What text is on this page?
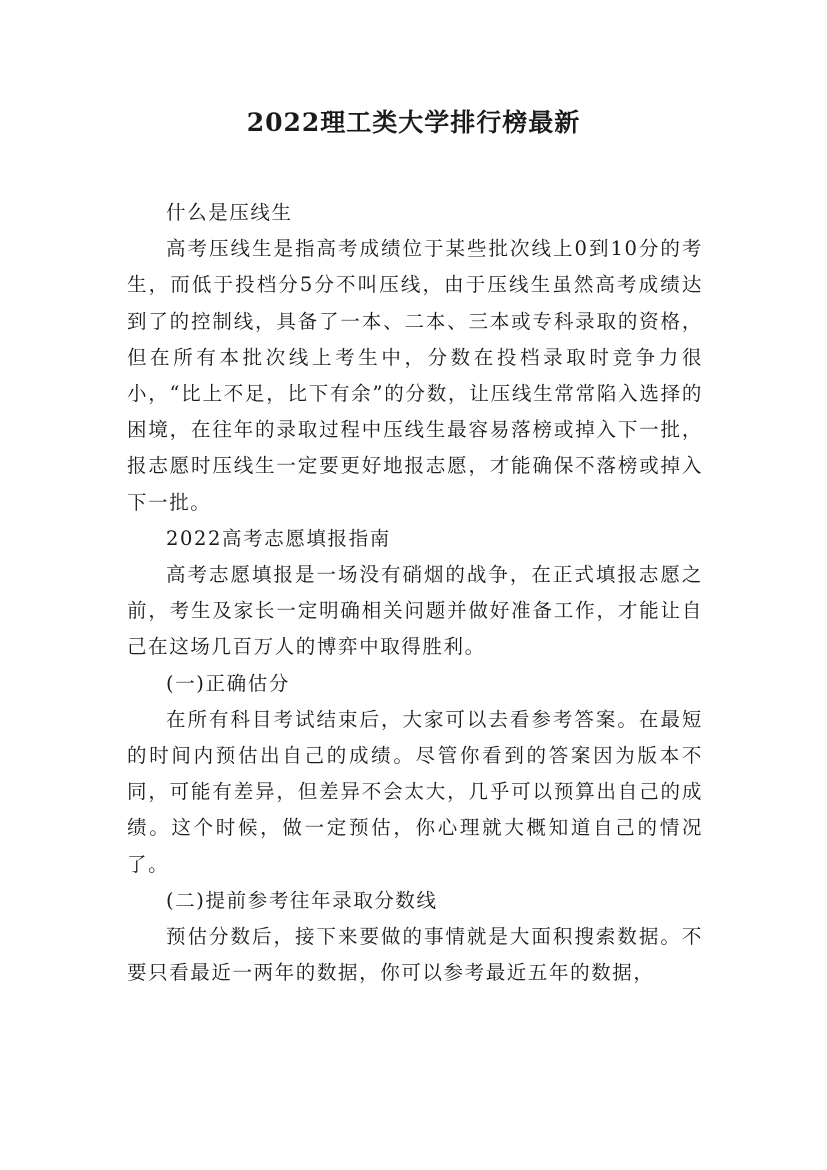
2022理工类大学排行榜最新

什么是压线生

高考压线生是指高考成绩位于某些批次线上0到10分的考生，而低于投档分5分不叫压线，由于压线生虽然高考成绩达到了的控制线，具备了一本、二本、三本或专科录取的资格，但在所有本批次线上考生中，分数在投档录取时竞争力很小，“比上不足，比下有余”的分数，让压线生常常陷入选择的困境，在往年的录取过程中压线生最容易落榜或掉入下一批，报志愿时压线生一定要更好地报志愿，才能确保不落榜或掉入下一批。

2022高考志愿填报指南

高考志愿填报是一场没有硝烟的战争，在正式填报志愿之前，考生及家长一定明确相关问题并做好准备工作，才能让自己在这场几百万人的博弈中取得胜利。

(一)正确估分

在所有科目考试结束后，大家可以去看参考答案。在最短的时间内预估出自己的成绩。尽管你看到的答案因为版本不同，可能有差异，但差异不会太大，几乎可以预算出自己的成绩。这个时候，做一定预估，你心理就大概知道自己的情况了。

(二)提前参考往年录取分数线

预估分数后，接下来要做的事情就是大面积搜索数据。不要只看最近一两年的数据，你可以参考最近五年的数据，
